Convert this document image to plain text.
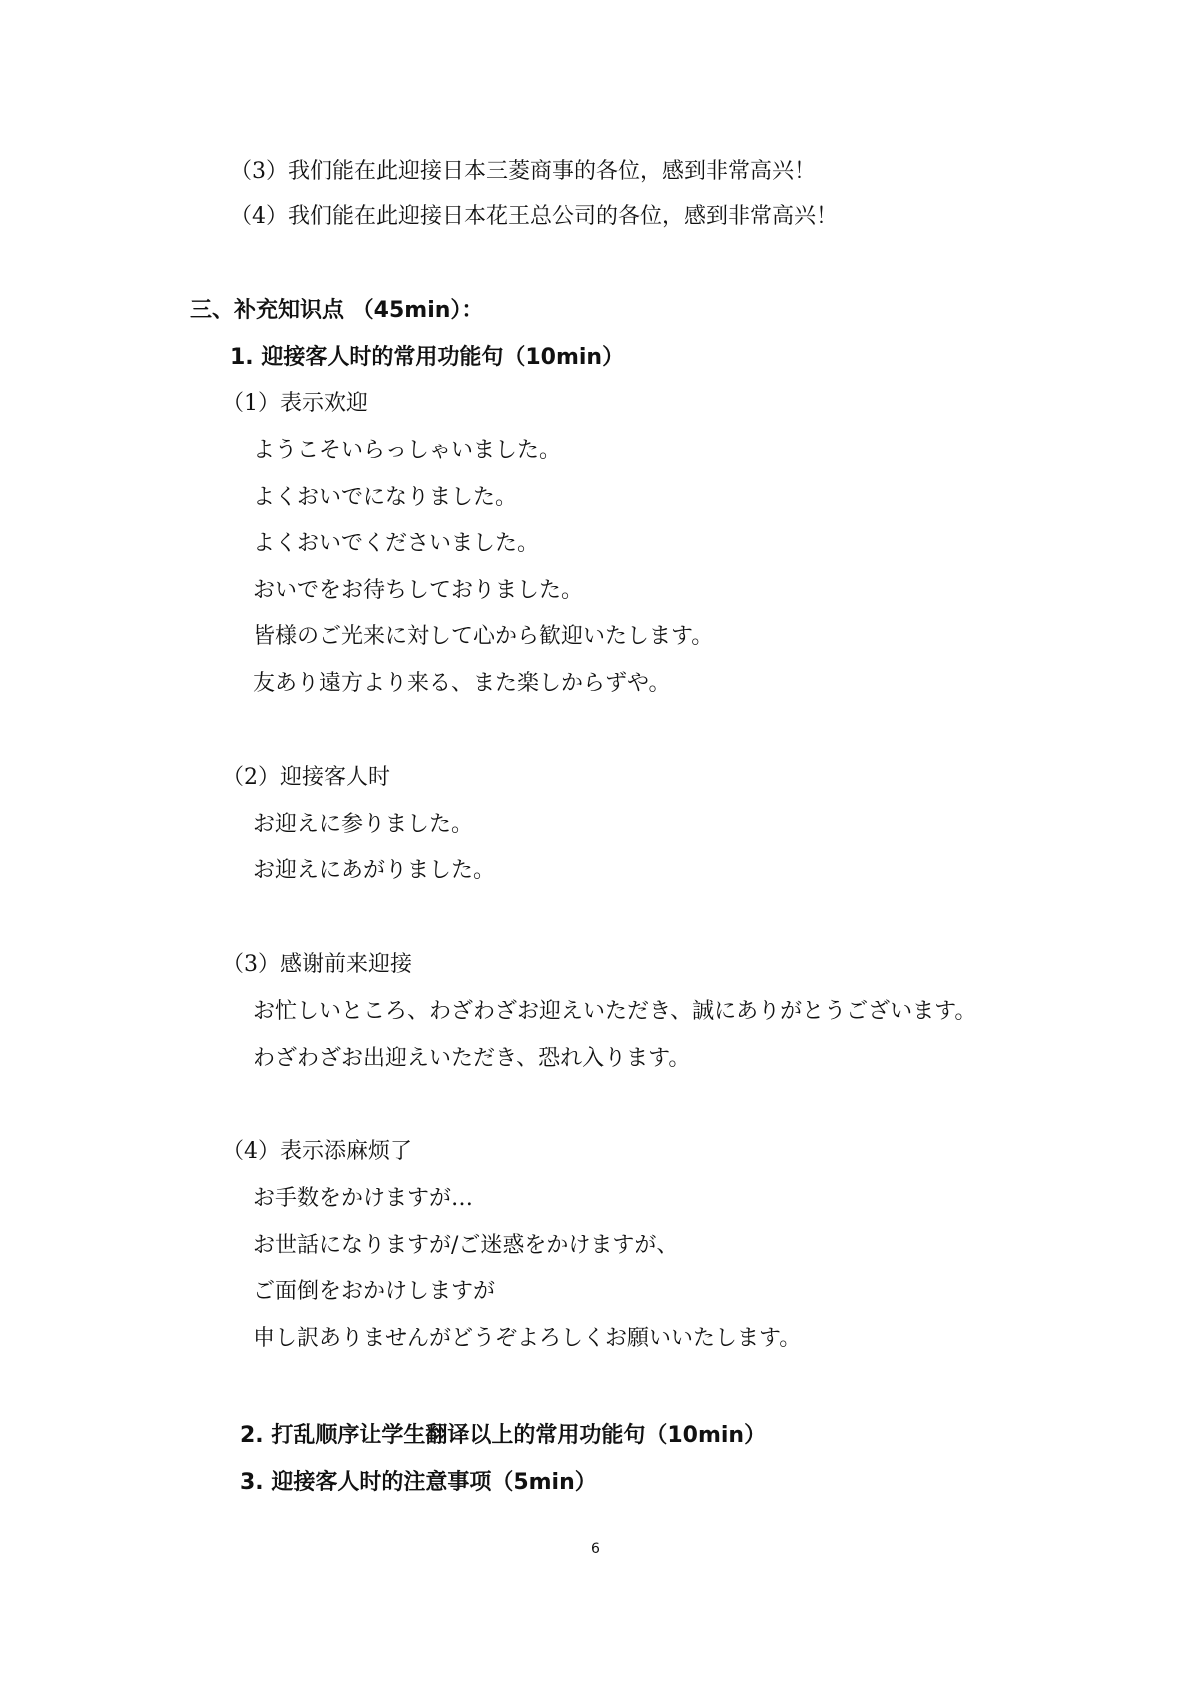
（3）我们能在此迎接日本三菱商事的各位，感到非常高兴！
（4）我们能在此迎接日本花王总公司的各位，感到非常高兴！
三、补充知识点 （45min）：
1. 迎接客人时的常用功能句（10min）
（1）表示欢迎
ようこそいらっしゃいました。
よくおいでになりました。
よくおいでくださいました。
おいでをお待ちしておりました。
皆様のご光来に対して心から歓迎いたします。
友あり遠方より来る、また楽しからずや。
（2）迎接客人时
お迎えに参りました。
お迎えにあがりました。
（3）感谢前来迎接
お忙しいところ、わざわざお迎えいただき、誠にありがとうございます。
わざわざお出迎えいただき、恐れ入ります。
（4）表示添麻烦了
お手数をかけますが…
お世話になりますが/ご迷惑をかけますが、
ご面倒をおかけしますが
申し訳ありませんがどうぞよろしくお願いいたします。
2. 打乱顺序让学生翻译以上的常用功能句（10min）
3. 迎接客人时的注意事项（5min）
6
